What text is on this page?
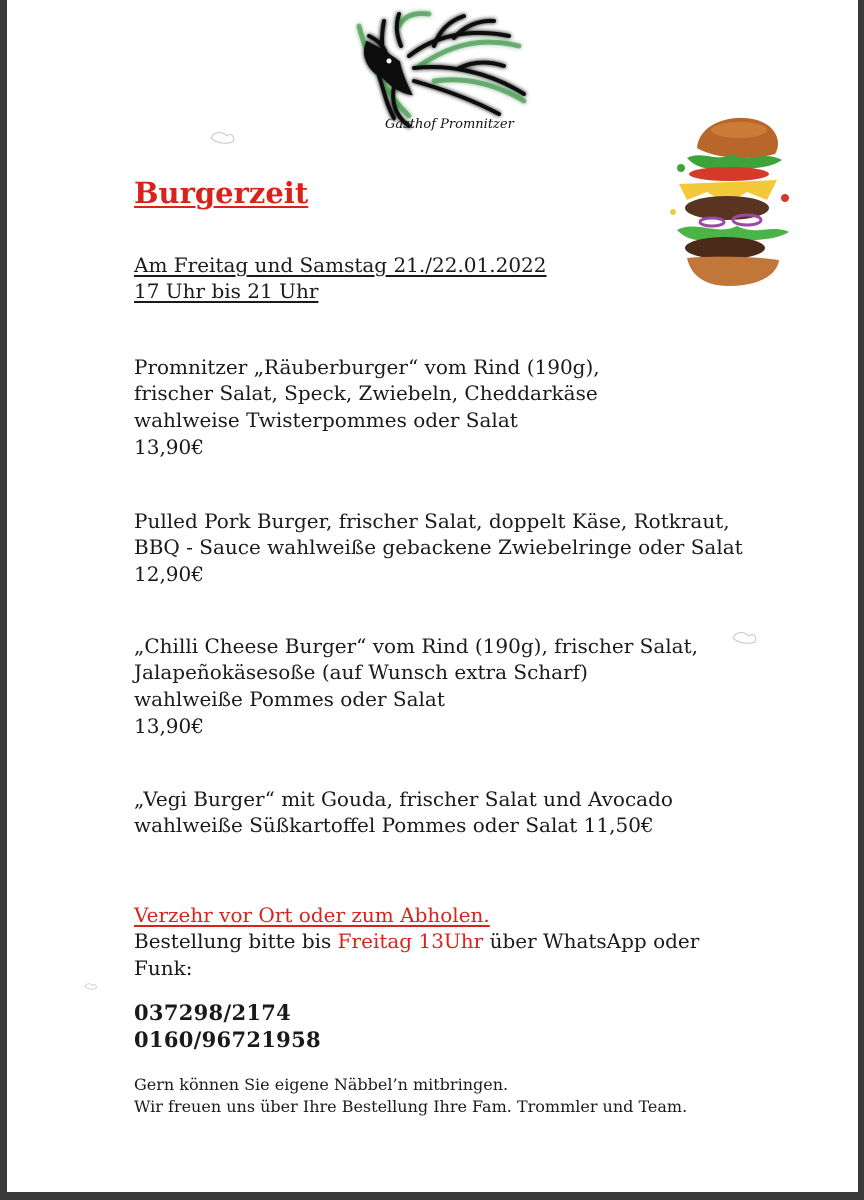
Gasthof Promnitzer
Burgerzeit
Am Freitag und Samstag 21./22.01.2022
17 Uhr bis 21 Uhr
Promnitzer „Räuberburger“ vom Rind (190g),
frischer Salat, Speck, Zwiebeln, Cheddarkäse
wahlweise Twisterpommes oder Salat
13,90€
Pulled Pork Burger, frischer Salat, doppelt Käse, Rotkraut,
BBQ - Sauce wahlweiße gebackene Zwiebelringe oder Salat
12,90€
„Chilli Cheese Burger“ vom Rind (190g), frischer Salat,
Jalapeñokäsesoße (auf Wunsch extra Scharf)
wahlweiße Pommes oder Salat
13,90€
„Vegi Burger“ mit Gouda, frischer Salat und Avocado
wahlweiße Süßkartoffel Pommes oder Salat 11,50€
Verzehr vor Ort oder zum Abholen.
Bestellung bitte bis Freitag 13Uhr über WhatsApp oder
Funk:
037298/2174
0160/96721958
Gern können Sie eigene Näbbel’n mitbringen.
Wir freuen uns über Ihre Bestellung Ihre Fam. Trommler und Team.
